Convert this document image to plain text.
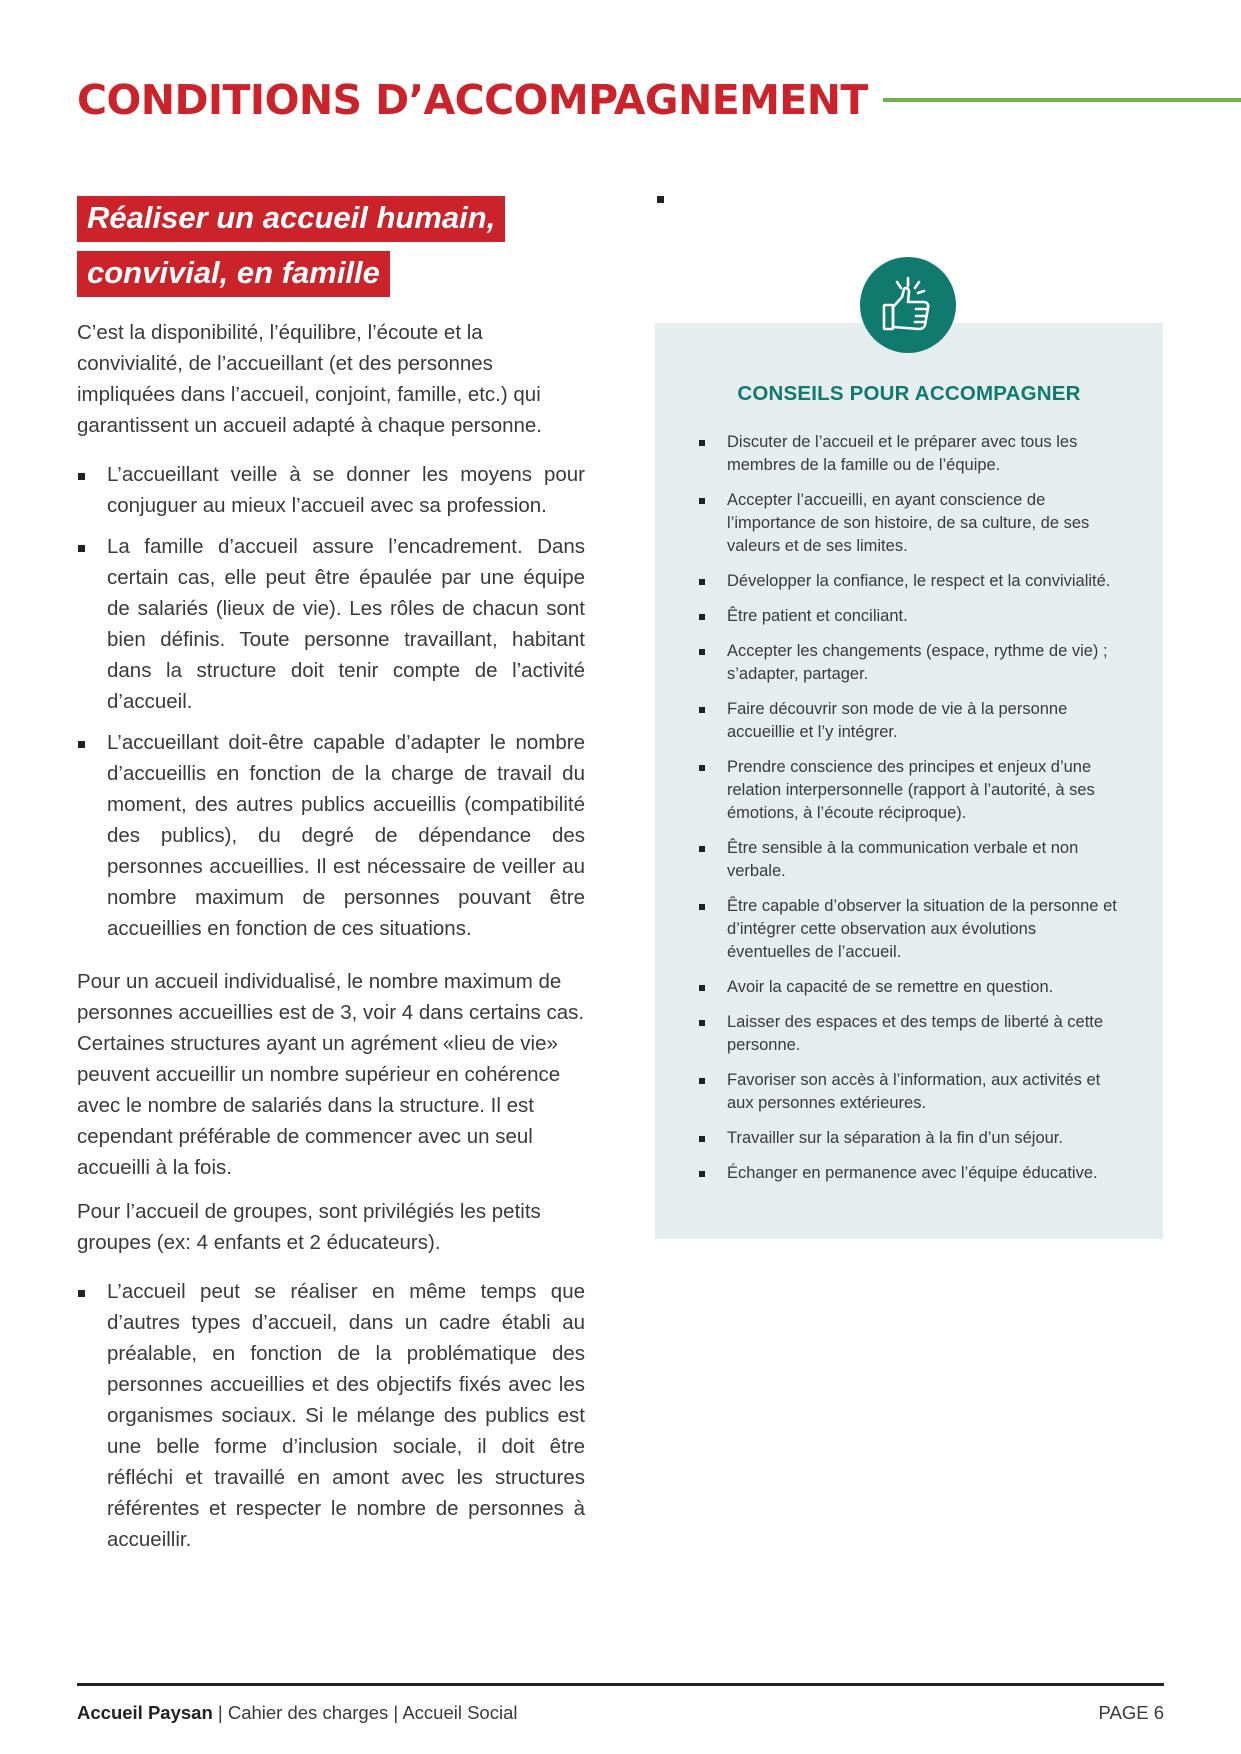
CONDITIONS D’ACCOMPAGNEMENT
Réaliser un accueil humain,
convivial, en famille

C’est la disponibilité, l’équilibre, l’écoute et la convivialité, de l’accueillant (et des personnes impliquées dans l’accueil, conjoint, famille, etc.) qui garantissent un accueil adapté à chaque personne.

L’accueillant veille à se donner les moyens pour conjuguer au mieux l’accueil avec sa profession.
La famille d’accueil assure l’encadrement. Dans certain cas, elle peut être épaulée par une équipe de salariés (lieux de vie). Les rôles de chacun sont bien définis. Toute personne travaillant, habitant dans la structure doit tenir compte de l’activité d’accueil.
L’accueillant doit-être capable d’adapter le nombre d’accueillis en fonction de la charge de travail du moment, des autres publics accueillis (compatibilité des publics), du degré de dépendance des personnes accueillies. Il est nécessaire de veiller au nombre maximum de personnes pouvant être accueillies en fonction de ces situations.

Pour un accueil individualisé, le nombre maximum de personnes accueillies est de 3, voir 4 dans certains cas. Certaines structures ayant un agrément «lieu de vie» peuvent accueillir un nombre supérieur en cohérence avec le nombre de salariés dans la structure. Il est cependant préférable de commencer avec un seul accueilli à la fois.

Pour l’accueil de groupes, sont privilégiés les petits groupes (ex: 4 enfants et 2 éducateurs).

L’accueil peut se réaliser en même temps que d’autres types d’accueil, dans un cadre établi au préalable, en fonction de la problématique des personnes accueillies et des objectifs fixés avec les organismes sociaux. Si le mélange des publics est une belle forme d’inclusion sociale, il doit être réfléchi et travaillé en amont avec les structures référentes et respecter le nombre de personnes à accueillir.
CONSEILS POUR ACCOMPAGNER
Discuter de l’accueil et le préparer avec tous les membres de la famille ou de l’équipe.
Accepter l’accueilli, en ayant conscience de l’importance de son histoire, de sa culture, de ses valeurs et de ses limites.
Développer la confiance, le respect et la convivialité.
Être patient et conciliant.
Accepter les changements (espace, rythme de vie) ; s’adapter, partager.
Faire découvrir son mode de vie à la personne accueillie et l’y intégrer.
Prendre conscience des principes et enjeux d’une relation interpersonnelle (rapport à l’autorité, à ses émotions, à l’écoute réciproque).
Être sensible à la communication verbale et non verbale.
Être capable d’observer la situation de la personne et d’intégrer cette observation aux évolutions éventuelles de l’accueil.
Avoir la capacité de se remettre en question.
Laisser des espaces et des temps de liberté à cette personne.
Favoriser son accès à l’information, aux activités et aux personnes extérieures.
Travailler sur la séparation à la fin d’un séjour.
Échanger en permanence avec l’équipe éducative.
Accueil Paysan | Cahier des charges | Accueil Social	PAGE 6
